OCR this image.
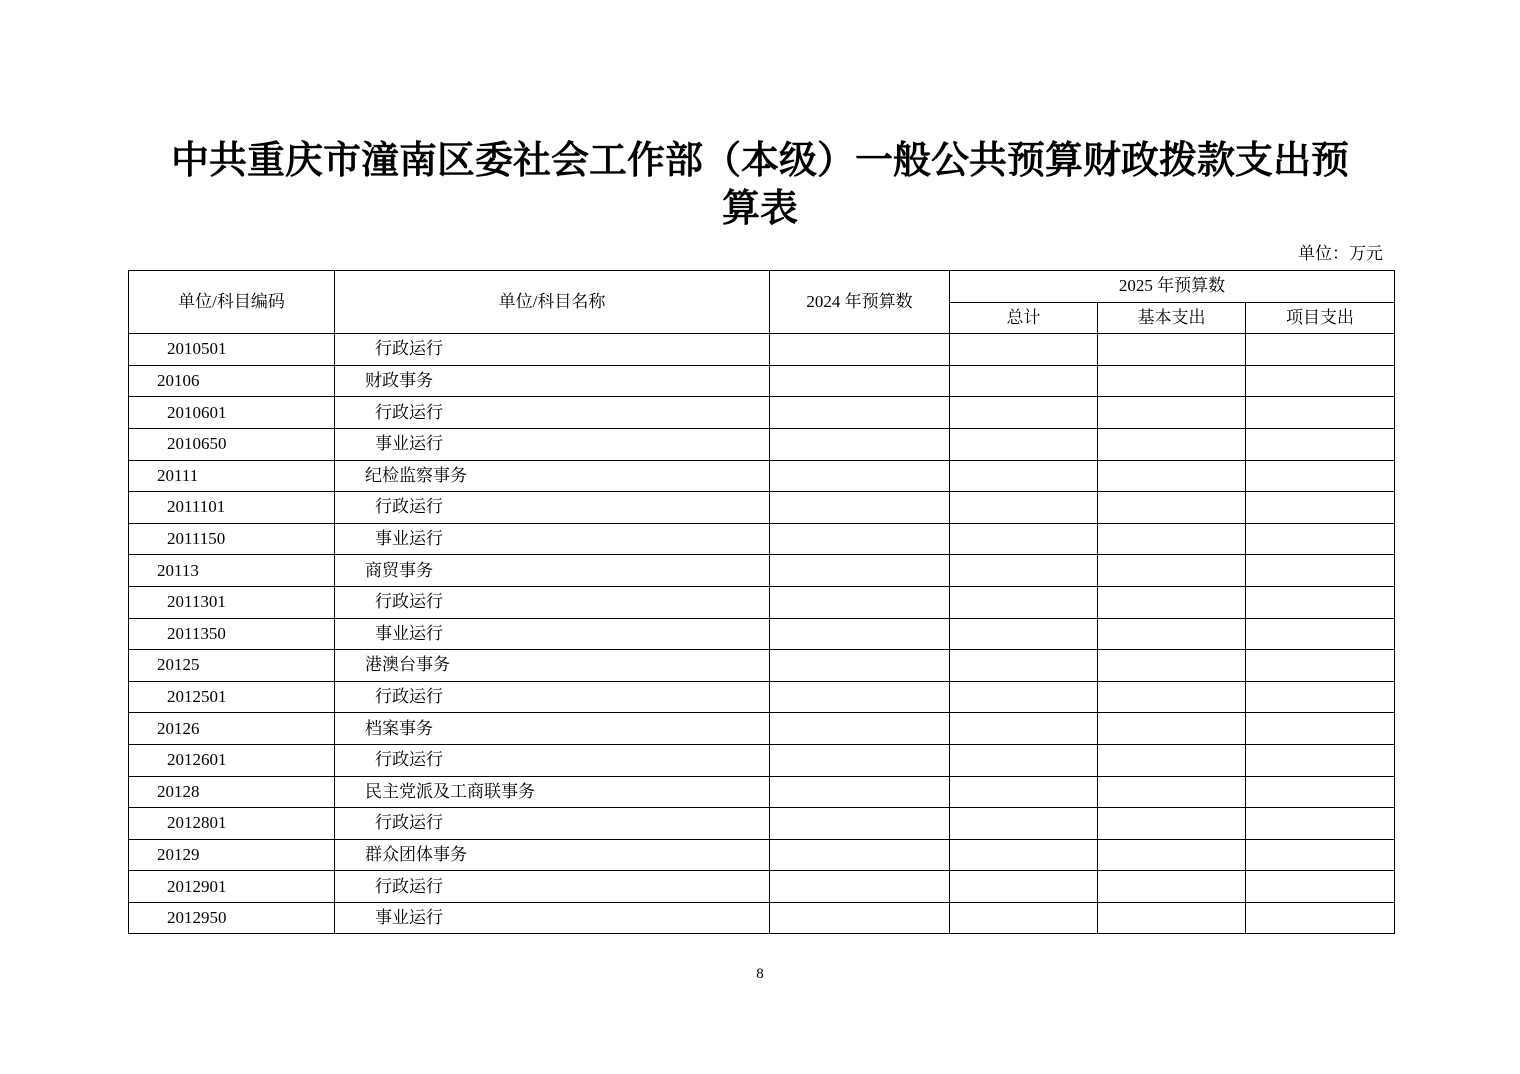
中共重庆市潼南区委社会工作部（本级）一般公共预算财政拨款支出预
算表
单位：万元
单位/科目编码	单位/科目名称	2024 年预算数	2025 年预算数		
			总计	基本支出	项目支出
2010501	行政运行				
20106	财政事务				
2010601	行政运行				
2010650	事业运行				
20111	纪检监察事务				
2011101	行政运行				
2011150	事业运行				
20113	商贸事务				
2011301	行政运行				
2011350	事业运行				
20125	港澳台事务				
2012501	行政运行				
20126	档案事务				
2012601	行政运行				
20128	民主党派及工商联事务				
2012801	行政运行				
20129	群众团体事务				
2012901	行政运行				
2012950	事业运行				
8
